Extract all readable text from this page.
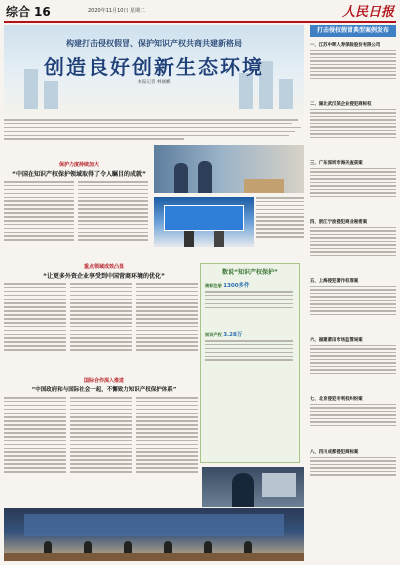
综合 16	2020年11月10日 星期二	人民日报
构建打击侵权假冒、保护知识产权共商共建新格局
创造良好创新生态环境
本报记者 林丽鹂
保护力度持续加大
“中国在知识产权保护领域取得了令人瞩目的成就”
重点领域成效凸显
“让更多外资企业享受到中国营商环境的优化”
数说“知识产权保护”
商标注册 1300多件
知识产权 3.28万
国际合作深入推进
“中国政府和与国际社会一起，不懈致力知识产权保护体系”
打击侵权假冒典型案例发布
一、江苏中晖人寿保险股份有限公司
二、湖北武汉某企业侵犯商标权
三、广东深圳市海关查获案
四、浙江宁波侵犯商业秘密案
五、上海侵犯著作权罪案
六、福建莆田市场监管局案
七、北京侵犯专利权纠纷案
八、四川成都侵犯商标案
